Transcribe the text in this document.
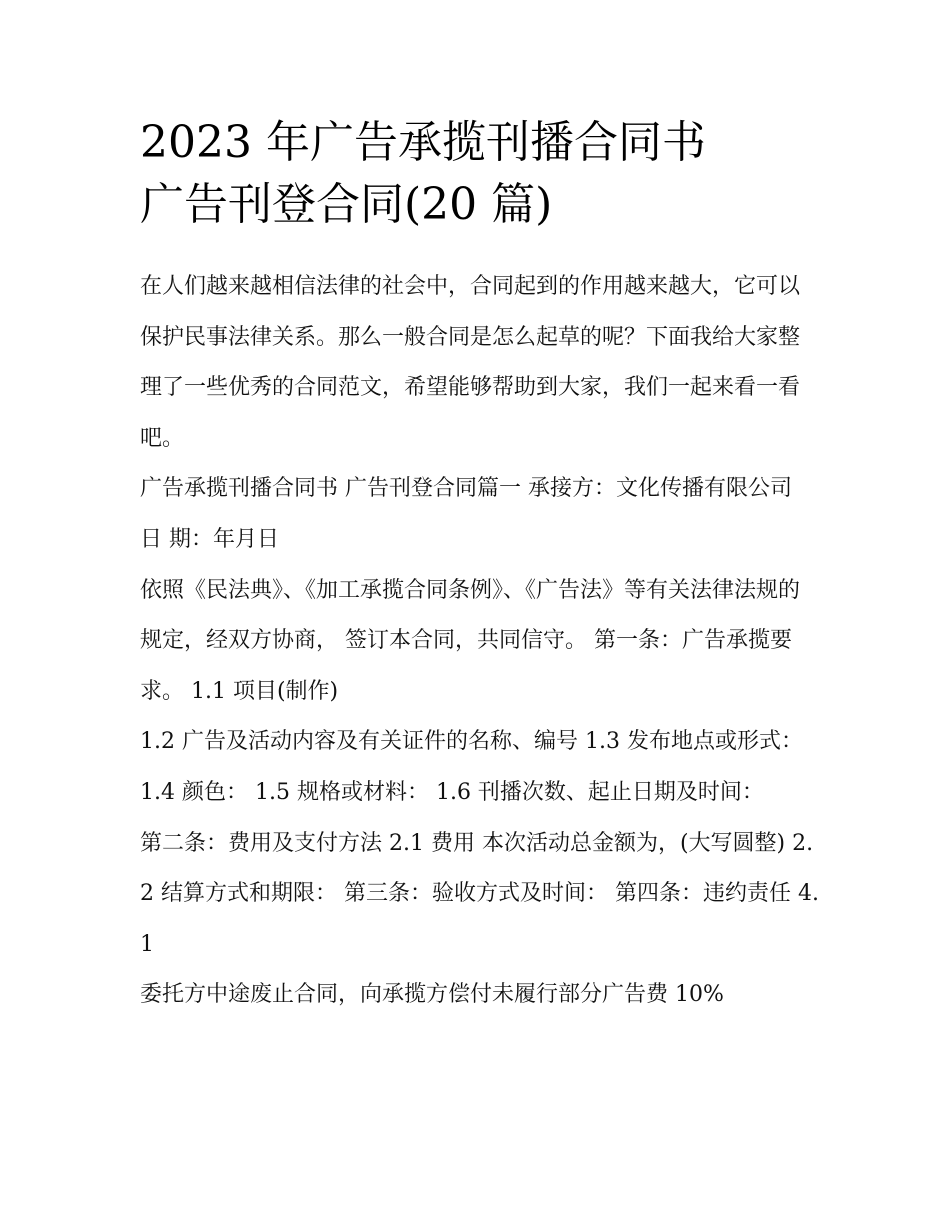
2023 年广告承揽刊播合同书
广告刊登合同(20 篇)

在人们越来越相信法律的社会中，合同起到的作用越来越大，它可以保护民事法律关系。那么一般合同是怎么起草的呢？下面我给大家整理了一些优秀的合同范文，希望能够帮助到大家，我们一起来看一看吧。

广告承揽刊播合同书 广告刊登合同篇一 承接方：文化传播有限公司 日 期：年月日

依照《民法典》、《加工承揽合同条例》、《广告法》等有关法律法规的规定，经双方协商， 签订本合同，共同信守。 第一条：广告承揽要求。 1.1 项目(制作)

1.2 广告及活动内容及有关证件的名称、编号 1.3 发布地点或形式： 1.4 颜色： 1.5 规格或材料： 1.6 刊播次数、起止日期及时间：

第二条：费用及支付方法 2.1 费用 本次活动总金额为，(大写圆整) 2.2 结算方式和期限： 第三条：验收方式及时间： 第四条：违约责任 4.1

委托方中途废止合同，向承揽方偿付未履行部分广告费 10%
